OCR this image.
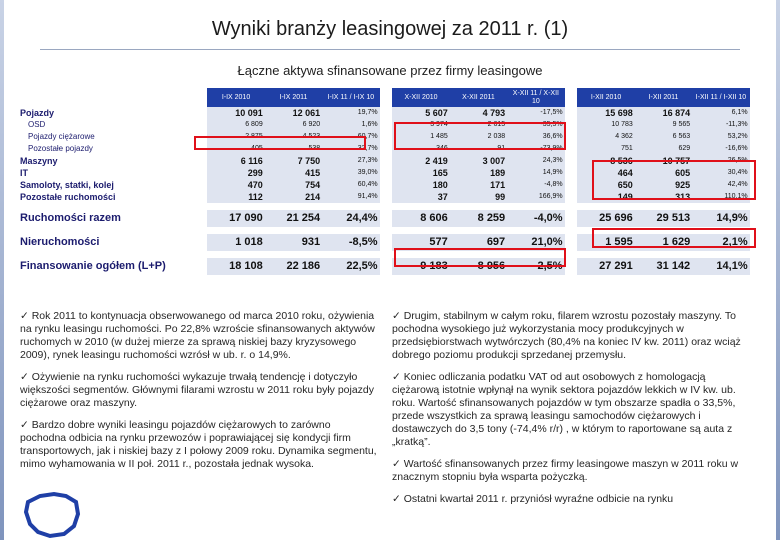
Wyniki branży leasingowej za 2011 r. (1)
Łączne aktywa sfinansowane przez firmy leasingowe
	I-IX 2010	I-IX 2011	I-IX 11 / I-IX 10		X-XII 2010	X-XII 2011	X-XII 11 / X-XII 10		I-XII 2010	I-XII 2011	I-XII 11 / I-XII 10	
Pojazdy	10 091	12 061	19,7%		5 607	4 793	-17,5%		15 698	16 874	6,1%	
OSD	6 809	6 920	1,6%		3 974	2 615	-35,5%		10 783	9 565	-11,3%	
Pojazdy ciężarowe	2 875	4 523	60,7%		1 485	2 038	36,6%		4 362	6 563	53,2%	
Pozostałe pojazdy	405	538	32,7%		346	91	-73,9%		751	629	-16,6%	
Maszyny	6 116	7 750	27,3%		2 419	3 007	24,3%		8 536	10 757	26,5%	
IT	299	415	39,0%		165	189	14,9%		464	605	30,4%	
Samoloty, statki, kolej	470	754	60,4%		180	171	-4,8%		650	925	42,4%	
Pozostałe ruchomości	112	214	91,4%		37	99	166,9%		149	313	110,1%	

Ruchomości razem	17 090	21 254	24,4%		8 606	8 259	-4,0%		25 696	29 513	14,9%	

Nieruchomości	1 018	931	-8,5%		577	697	21,0%		1 595	1 629	2,1%	

Finansowanie ogółem (L+P)	18 108	22 186	22,5%		9 183	8 956	-2,5%		27 291	31 142	14,1%	

✓ Rok 2011 to kontynuacja obserwowanego od marca 2010 roku, ożywienia na rynku leasingu ruchomości. Po 22,8% wzroście sfinansowanych aktywów ruchomych w 2010 (w dużej mierze za sprawą niskiej bazy kryzysowego 2009), rynek leasingu ruchomości wzrósł w ub. r. o 14,9%.

✓ Ożywienie na rynku ruchomości wykazuje trwałą tendencję i dotyczyło większości segmentów. Głównymi filarami wzrostu w 2011 roku były pojazdy ciężarowe oraz maszyny.

✓ Bardzo dobre wyniki leasingu pojazdów ciężarowych to zarówno pochodna odbicia na rynku przewozów i poprawiającej się kondycji firm transportowych, jak i niskiej bazy z I połowy 2009 roku. Dynamika segmentu, mimo wyhamowania w II poł. 2011 r., pozostała jednak wysoka.

✓ Drugim, stabilnym w całym roku, filarem wzrostu pozostały maszyny. To pochodna wysokiego już wykorzystania mocy produkcyjnych w przedsiębiorstwach wytwórczych (80,4% na koniec IV kw. 2011) oraz wciąż dobrego poziomu produkcji sprzedanej przemysłu.

✓ Koniec odliczania podatku VAT od aut osobowych z homologacją ciężarową istotnie wpłynął na wynik sektora pojazdów lekkich w IV kw. ub. roku. Wartość sfinansowanych pojazdów w tym obszarze spadła o 33,5%, przede wszystkich za sprawą leasingu samochodów ciężarowych i dostawczych do 3,5 tony (-74,4% r/r) , w którym to raportowane są auta z „kratką”.

✓ Wartość sfinansowanych przez firmy leasingowe maszyn w 2011 roku w znacznym stopniu była wsparta pożyczką.

✓ Ostatni kwartał 2011 r. przyniósł wyraźne odbicie na rynku
